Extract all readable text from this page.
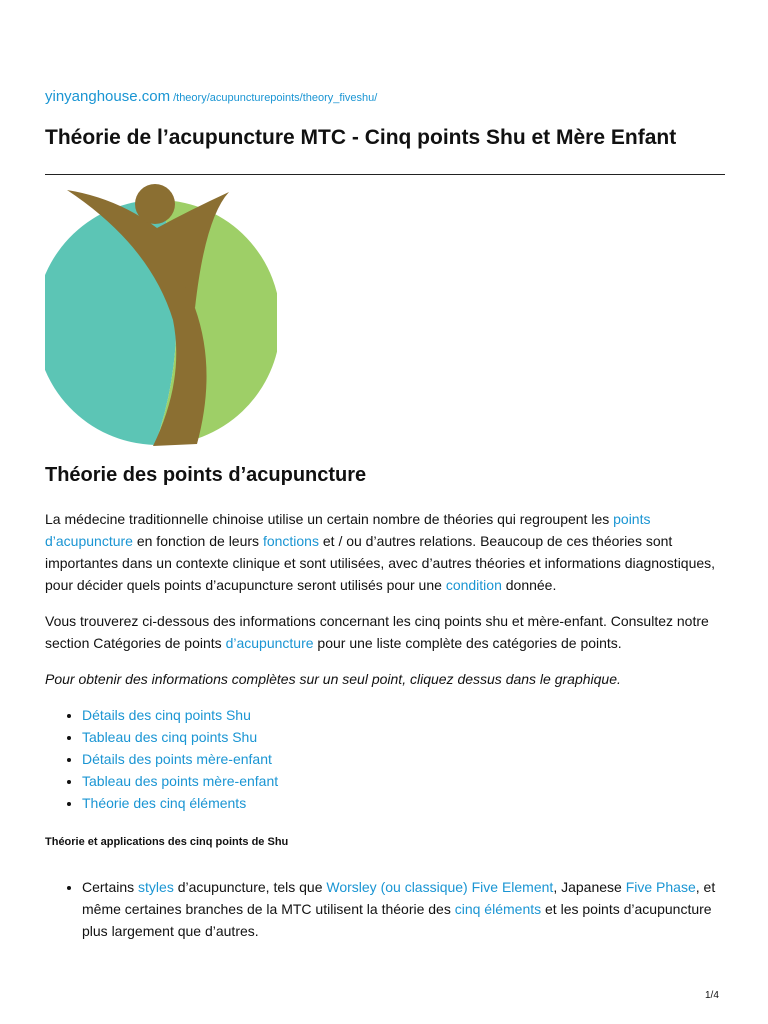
yinyanghouse.com /theory/acupuncturepoints/theory_fiveshu/
Théorie de l’acupuncture MTC - Cinq points Shu et Mère Enfant
Théorie des points d’acupuncture

La médecine traditionnelle chinoise utilise un certain nombre de théories qui regroupent les points d’acupuncture en fonction de leurs fonctions et / ou d’autres relations. Beaucoup de ces théories sont importantes dans un contexte clinique et sont utilisées, avec d’autres théories et informations diagnostiques, pour décider quels points d’acupuncture seront utilisés pour une condition donnée.

Vous trouverez ci-dessous des informations concernant les cinq points shu et mère-enfant. Consultez notre section Catégories de points d’acupuncture pour une liste complète des catégories de points.

Pour obtenir des informations complètes sur un seul point, cliquez dessus dans le graphique.

• Détails des cinq points Shu
• Tableau des cinq points Shu
• Détails des points mère-enfant
• Tableau des points mère-enfant
• Théorie des cinq éléments
Théorie et applications des cinq points de Shu
• Certains styles d’acupuncture, tels que Worsley (ou classique) Five Element, Japanese Five Phase, et même certaines branches de la MTC utilisent la théorie des cinq éléments et les points d’acupuncture plus largement que d’autres.
1/4
